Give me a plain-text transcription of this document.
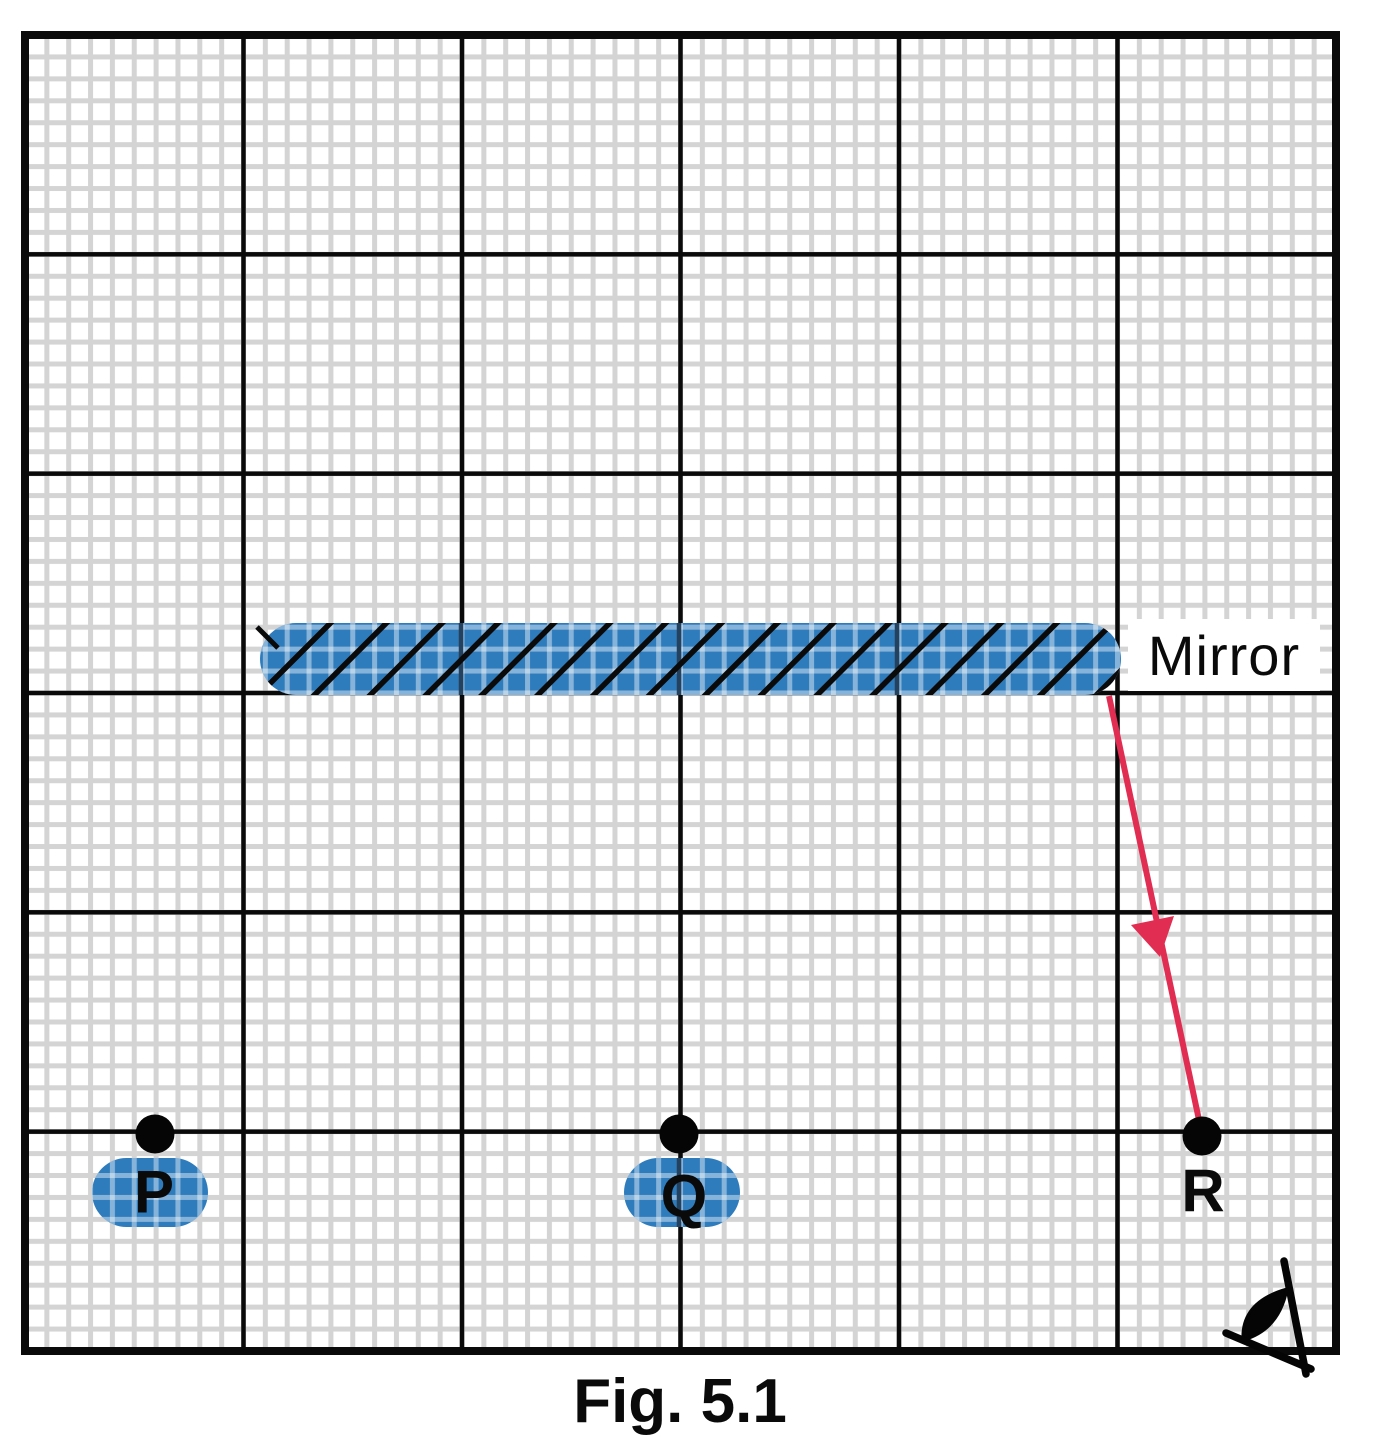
Mirror
P	Q	R
Fig. 5.1
